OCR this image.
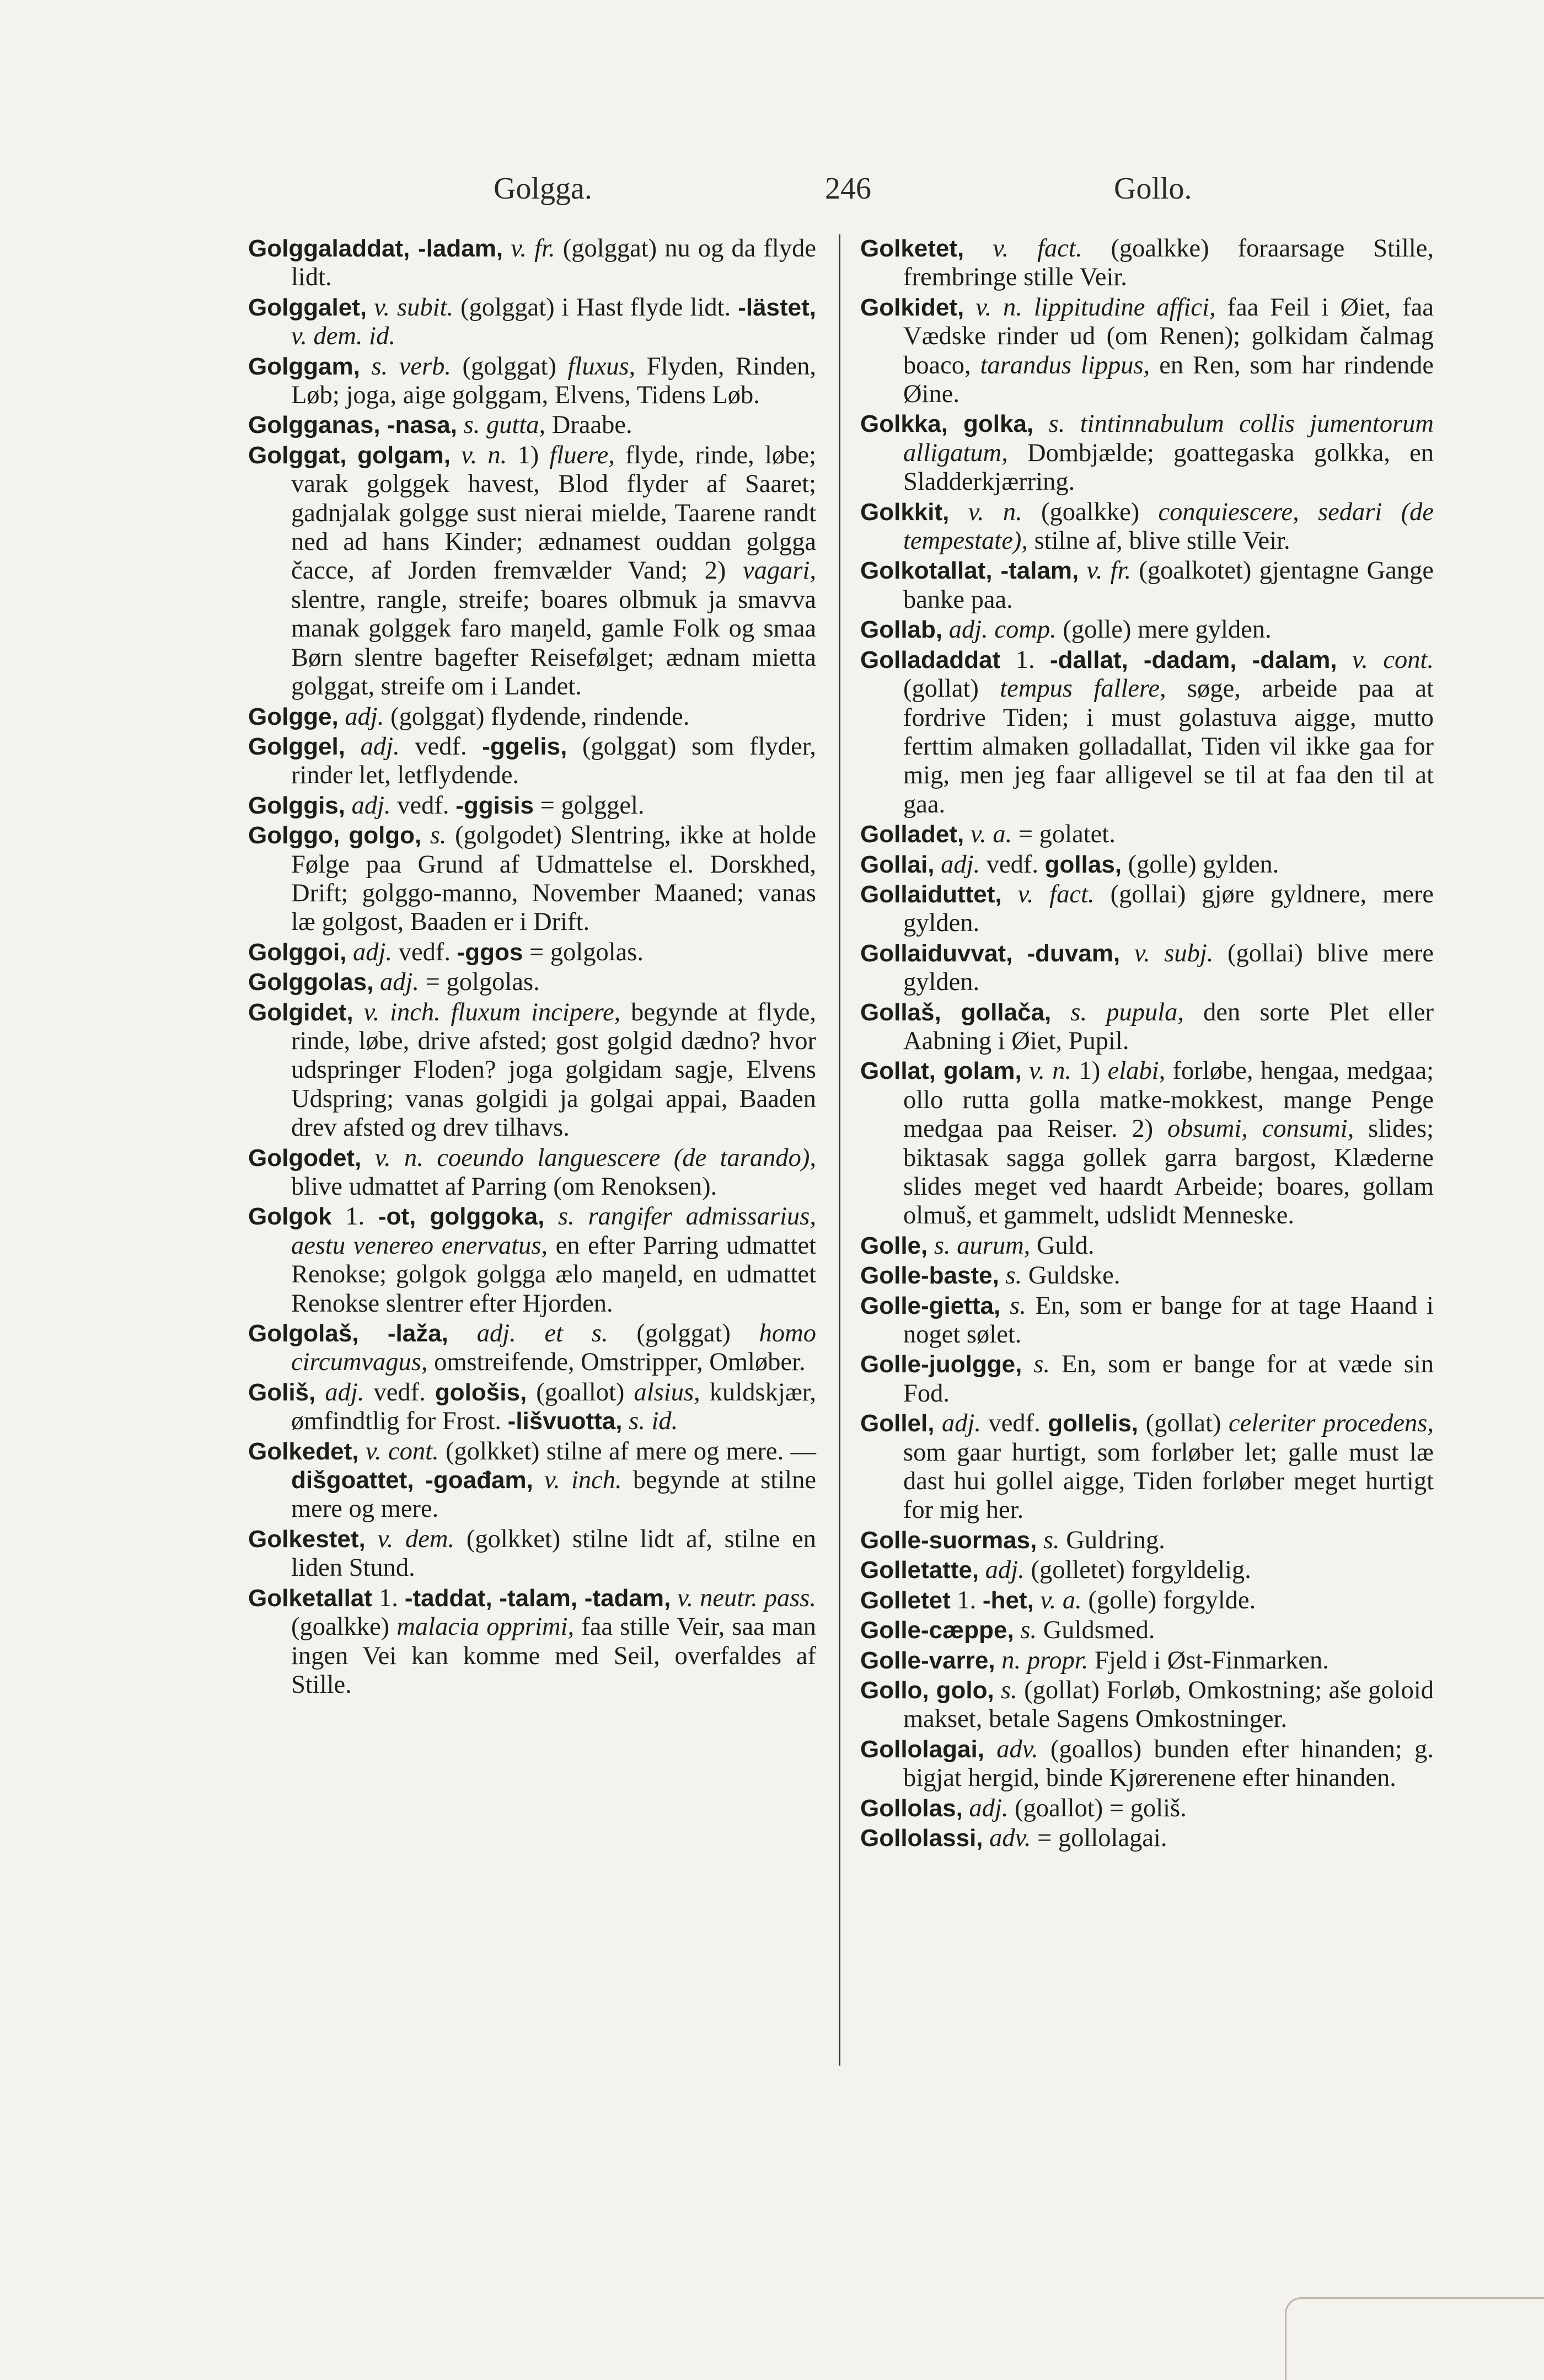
Golgga.	246	Gollo.

Golggaladdat, -ladam, v. fr. (golggat) nu og da flyde lidt.

Golggalet, v. subit. (golggat) i Hast flyde lidt. -lästet, v. dem. id.

Golggam, s. verb. (golggat) fluxus, Flyden, Rinden, Løb; joga, aige golggam, Elvens, Tidens Løb.

Golgganas, -nasa, s. gutta, Draabe.

Golggat, golgam, v. n. 1) fluere, flyde, rinde, løbe; varak golggek havest, Blod flyder af Saaret; gadnjalak golgge sust nierai mielde, Taarene randt ned ad hans Kinder; ædnamest ouddan golgga čacce, af Jorden fremvælder Vand; 2) vagari, slentre, rangle, streife; boares olbmuk ja smavva manak golggek faro maŋeld, gamle Folk og smaa Børn slentre bagefter Reisefølget; ædnam mietta golggat, streife om i Landet.

Golgge, adj. (golggat) flydende, rindende.

Golggel, adj. vedf. -ggelis, (golggat) som flyder, rinder let, letflydende.

Golggis, adj. vedf. -ggisis = golggel.

Golggo, golgo, s. (golgodet) Slentring, ikke at holde Følge paa Grund af Udmattelse el. Dorskhed, Drift; golggo-manno, November Maaned; vanas læ golgost, Baaden er i Drift.

Golggoi, adj. vedf. -ggos = golgolas.

Golggolas, adj. = golgolas.

Golgidet, v. inch. fluxum incipere, begynde at flyde, rinde, løbe, drive afsted; gost golgid dædno? hvor udspringer Floden? joga golgidam sagje, Elvens Udspring; vanas golgidi ja golgai appai, Baaden drev afsted og drev tilhavs.

Golgodet, v. n. coeundo languescere (de tarando), blive udmattet af Parring (om Renoksen).

Golgok 1. -ot, golggoka, s. rangifer admissarius, aestu venereo enervatus, en efter Parring udmattet Renokse; golgok golgga ælo maŋeld, en udmattet Renokse slentrer efter Hjorden.

Golgolaš, -laža, adj. et s. (golggat) homo circumvagus, omstreifende, Omstripper, Omløber.

Goliš, adj. vedf. gološis, (goallot) alsius, kuldskjær, ømfindtlig for Frost. -lišvuotta, s. id.

Golkedet, v. cont. (golkket) stilne af mere og mere. — dišgoattet, -goađam, v. inch. begynde at stilne mere og mere.

Golkestet, v. dem. (golkket) stilne lidt af, stilne en liden Stund.

Golketallat 1. -taddat, -talam, -tadam, v. neutr. pass. (goalkke) malacia opprimi, faa stille Veir, saa man ingen Vei kan komme med Seil, overfaldes af Stille.

Golketet, v. fact. (goalkke) foraarsage Stille, frembringe stille Veir.

Golkidet, v. n. lippitudine affici, faa Feil i Øiet, faa Vædske rinder ud (om Renen); golkidam čalmag boaco, tarandus lippus, en Ren, som har rindende Øine.

Golkka, golka, s. tintinnabulum collis jumentorum alligatum, Dombjælde; goattegaska golkka, en Sladderkjærring.

Golkkit, v. n. (goalkke) conquiescere, sedari (de tempestate), stilne af, blive stille Veir.

Golkotallat, -talam, v. fr. (goalkotet) gjentagne Gange banke paa.

Gollab, adj. comp. (golle) mere gylden.

Golladaddat 1. -dallat, -dadam, -dalam, v. cont. (gollat) tempus fallere, søge, arbeide paa at fordrive Tiden; i must golastuva aigge, mutto ferttim almaken golladallat, Tiden vil ikke gaa for mig, men jeg faar alligevel se til at faa den til at gaa.

Golladet, v. a. = golatet.

Gollai, adj. vedf. gollas, (golle) gylden.

Gollaiduttet, v. fact. (gollai) gjøre gyldnere, mere gylden.

Gollaiduvvat, -duvam, v. subj. (gollai) blive mere gylden.

Gollaš, gollača, s. pupula, den sorte Plet eller Aabning i Øiet, Pupil.

Gollat, golam, v. n. 1) elabi, forløbe, hengaa, medgaa; ollo rutta golla matke-mokkest, mange Penge medgaa paa Reiser. 2) obsumi, consumi, slides; biktasak sagga gollek garra bargost, Klæderne slides meget ved haardt Arbeide; boares, gollam olmuš, et gammelt, udslidt Menneske.

Golle, s. aurum, Guld.

Golle-baste, s. Guldske.

Golle-gietta, s. En, som er bange for at tage Haand i noget sølet.

Golle-juolgge, s. En, som er bange for at væde sin Fod.

Gollel, adj. vedf. gollelis, (gollat) celeriter procedens, som gaar hurtigt, som forløber let; galle must læ dast hui gollel aigge, Tiden forløber meget hurtigt for mig her.

Golle-suormas, s. Guldring.

Golletatte, adj. (golletet) forgyldelig.

Golletet 1. -het, v. a. (golle) forgylde.

Golle-cæppe, s. Guldsmed.

Golle-varre, n. propr. Fjeld i Øst-Finmarken.

Gollo, golo, s. (gollat) Forløb, Omkostning; aše goloid makset, betale Sagens Omkostninger.

Gollolagai, adv. (goallos) bunden efter hinanden; g. bigjat hergid, binde Kjørerenene efter hinanden.

Gollolas, adj. (goallot) = goliš.

Gollolassi, adv. = gollolagai.
